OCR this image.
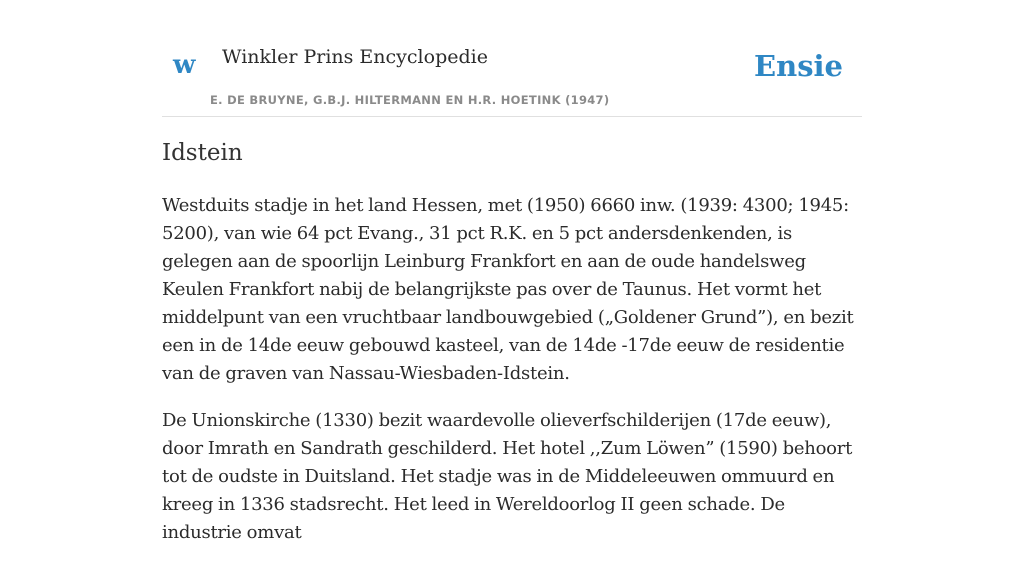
w Winkler Prins Encyclopedie
E. DE BRUYNE, G.B.J. HILTERMANN EN H.R. HOETINK (1947)
Ensie
Idstein

Westduits stadje in het land Hessen, met (1950) 6660 inw. (1939: 4300; 1945: 5200), van wie 64 pct Evang., 31 pct R.K. en 5 pct andersdenkenden, is gelegen aan de spoorlijn Leinburg Frankfort en aan de oude handelsweg Keulen Frankfort nabij de belangrijkste pas over de Taunus. Het vormt het middelpunt van een vruchtbaar landbouwgebied („Goldener Grund”), en bezit een in de 14de eeuw gebouwd kasteel, van de 14de -17de eeuw de residentie van de graven van Nassau-Wiesbaden-Idstein.

De Unionskirche (1330) bezit waardevolle olieverfschilderijen (17de eeuw), door Imrath en Sandrath geschilderd. Het hotel ,,Zum Löwen” (1590) behoort tot de oudste in Duitsland. Het stadje was in de Middeleeuwen ommuurd en kreeg in 1336 stadsrecht. Het leed in Wereldoorlog II geen schade. De industrie omvat
